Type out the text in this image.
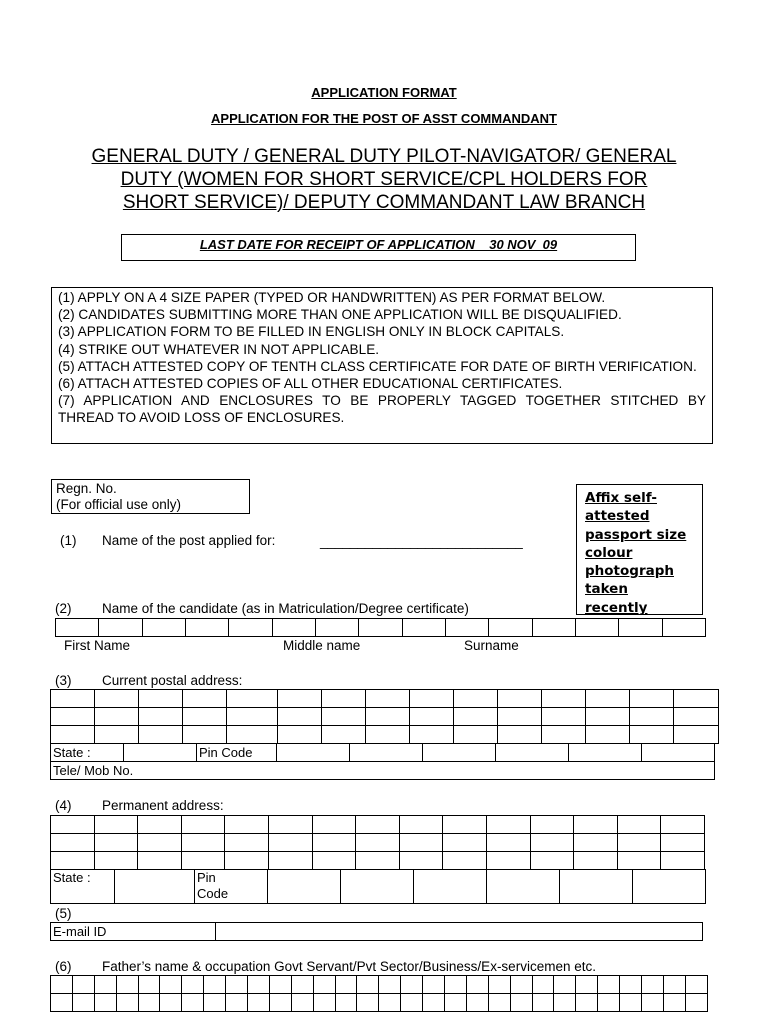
APPLICATION FORMAT
APPLICATION FOR THE POST OF ASST COMMANDANT
GENERAL DUTY / GENERAL DUTY PILOT-NAVIGATOR/ GENERAL
DUTY (WOMEN FOR SHORT SERVICE/CPL HOLDERS FOR
SHORT SERVICE)/ DEPUTY COMMANDANT LAW BRANCH
LAST DATE FOR RECEIPT OF APPLICATION    30 NOV  09

(1) APPLY ON A 4 SIZE PAPER (TYPED OR HANDWRITTEN) AS PER FORMAT BELOW.

(2) CANDIDATES SUBMITTING MORE THAN ONE APPLICATION WILL BE DISQUALIFIED.

(3) APPLICATION FORM TO BE FILLED IN ENGLISH ONLY IN BLOCK CAPITALS.

(4) STRIKE OUT WHATEVER IN NOT APPLICABLE.

(5) ATTACH ATTESTED COPY OF TENTH CLASS CERTIFICATE FOR DATE OF BIRTH VERIFICATION.

(6) ATTACH ATTESTED COPIES OF ALL OTHER EDUCATIONAL CERTIFICATES.

(7) APPLICATION AND ENCLOSURES TO BE PROPERLY TAGGED TOGETHER STITCHED BY THREAD TO AVOID LOSS OF ENCLOSURES.

Regn. No.
(For official use only)	Affix self-
attested
passport size
colour
photograph
taken
recently
(1) Name of the post applied for:	___________________________
(2) Name of the candidate (as in Matriculation/Degree certificate)

First Name	Middle name	Surname
(3) Current postal address:

State :		Pin Code						
Tele/ Mob No.
(4) Permanent address:

State :		Pin
Code

(5)
E-mail ID	
(6) Father’s name & occupation Govt Servant/Pvt Sector/Business/Ex-servicemen etc.
